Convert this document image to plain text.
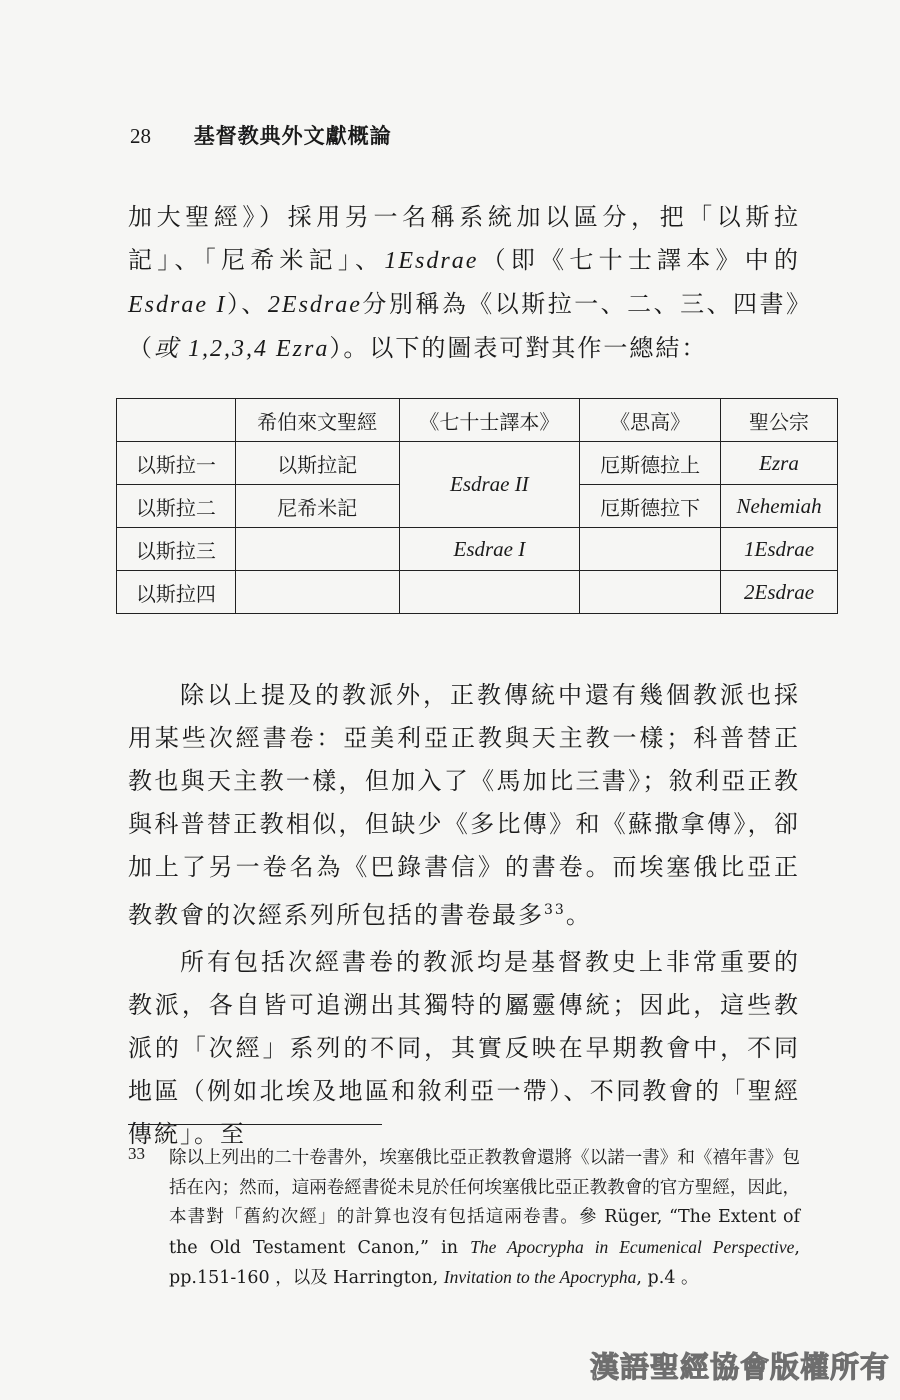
28 基督教典外文獻概論

加大聖經》）採用另一名稱系統加以區分，把「以斯拉記」、「尼希米記」、1Esdrae（即《七十士譯本》中的Esdrae I）、2Esdrae分別稱為《以斯拉一、二、三、四書》（或 1,2,3,4 Ezra）。以下的圖表可對其作一總結：

	希伯來文聖經	《七十士譯本》	《思高》	聖公宗
以斯拉一	以斯拉記	Esdrae II	厄斯德拉上	Ezra
以斯拉二	尼希米記		厄斯德拉下	Nehemiah
以斯拉三		Esdrae I		1Esdrae
以斯拉四				2Esdrae

除以上提及的教派外，正教傳統中還有幾個教派也採用某些次經書卷：亞美利亞正教與天主教一樣；科普替正教也與天主教一樣，但加入了《馬加比三書》；敘利亞正教與科普替正教相似，但缺少《多比傳》和《蘇撒拿傳》，卻加上了另一卷名為《巴錄書信》的書卷。而埃塞俄比亞正教教會的次經系列所包括的書卷最多$^{33}$。

所有包括次經書卷的教派均是基督教史上非常重要的教派，各自皆可追溯出其獨特的屬靈傳統；因此，這些教派的「次經」系列的不同，其實反映在早期教會中，不同地區（例如北埃及地區和敘利亞一帶）、不同教會的「聖經傳統」。至

33 除以上列出的二十卷書外，埃塞俄比亞正教教會還將《以諾一書》和《禧年書》包括在內；然而，這兩卷經書從未見於任何埃塞俄比亞正教教會的官方聖經，因此，本書對「舊約次經」的計算也沒有包括這兩卷書。參 Rüger, “The Extent of the Old Testament Canon,” in The Apocrypha in Ecumenical Perspective, pp.151-160 ，以及 Harrington, Invitation to the Apocrypha, p.4 。

漢語聖經協會版權所有
